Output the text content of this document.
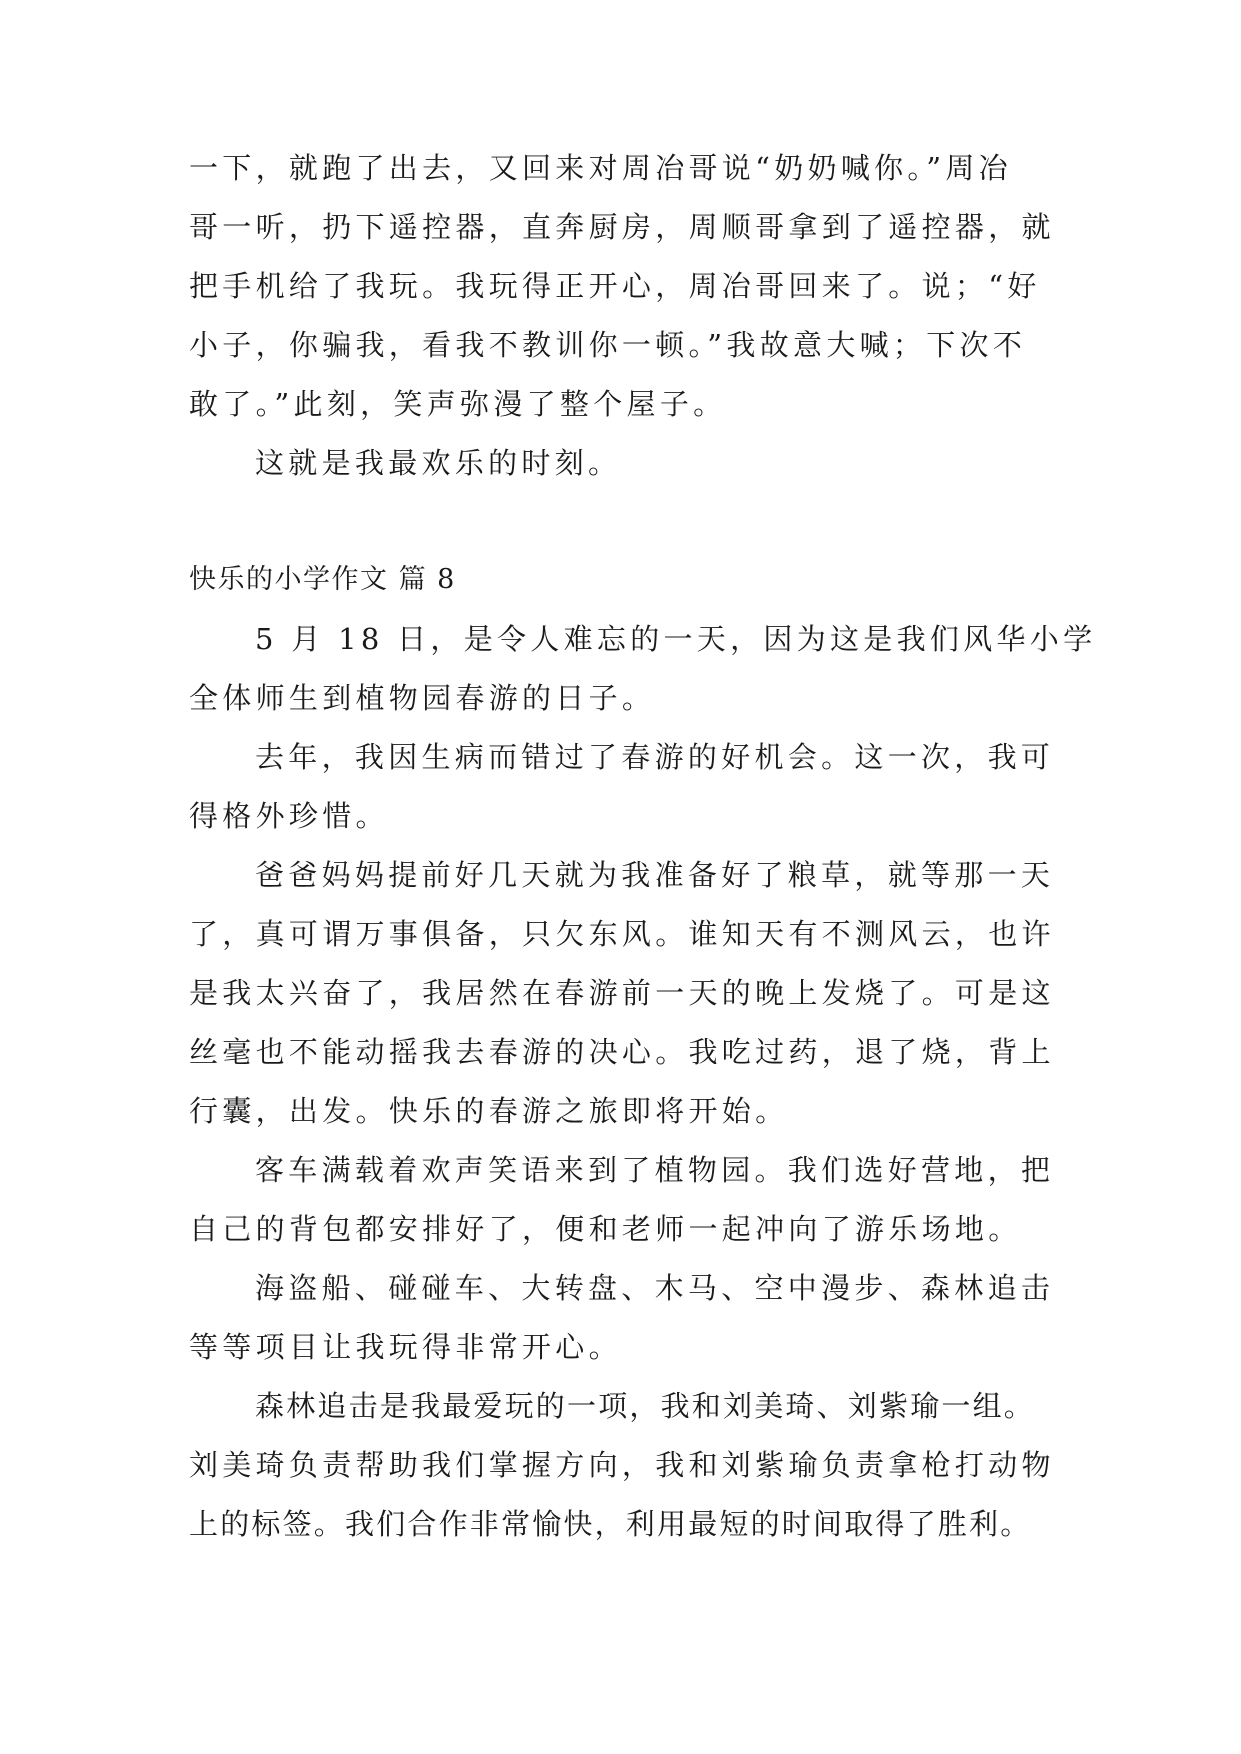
一下，就跑了出去，又回来对周冶哥说“奶奶喊你。”周冶
哥一听，扔下遥控器，直奔厨房，周顺哥拿到了遥控器，就
把手机给了我玩。我玩得正开心，周冶哥回来了。说；“好
小子，你骗我，看我不教训你一顿。”我故意大喊；下次不
敢了。”此刻，笑声弥漫了整个屋子。
这就是我最欢乐的时刻。
快乐的小学作文 篇 8
5 月 18 日，是令人难忘的一天，因为这是我们风华小学
全体师生到植物园春游的日子。
去年，我因生病而错过了春游的好机会。这一次，我可
得格外珍惜。
爸爸妈妈提前好几天就为我准备好了粮草，就等那一天
了，真可谓万事俱备，只欠东风。谁知天有不测风云，也许
是我太兴奋了，我居然在春游前一天的晚上发烧了。可是这
丝毫也不能动摇我去春游的决心。我吃过药，退了烧，背上
行囊，出发。快乐的春游之旅即将开始。
客车满载着欢声笑语来到了植物园。我们选好营地，把
自己的背包都安排好了，便和老师一起冲向了游乐场地。
海盗船、碰碰车、大转盘、木马、空中漫步、森林追击
等等项目让我玩得非常开心。
森林追击是我最爱玩的一项，我和刘美琦、刘紫瑜一组。
刘美琦负责帮助我们掌握方向，我和刘紫瑜负责拿枪打动物
上的标签。我们合作非常愉快，利用最短的时间取得了胜利。
